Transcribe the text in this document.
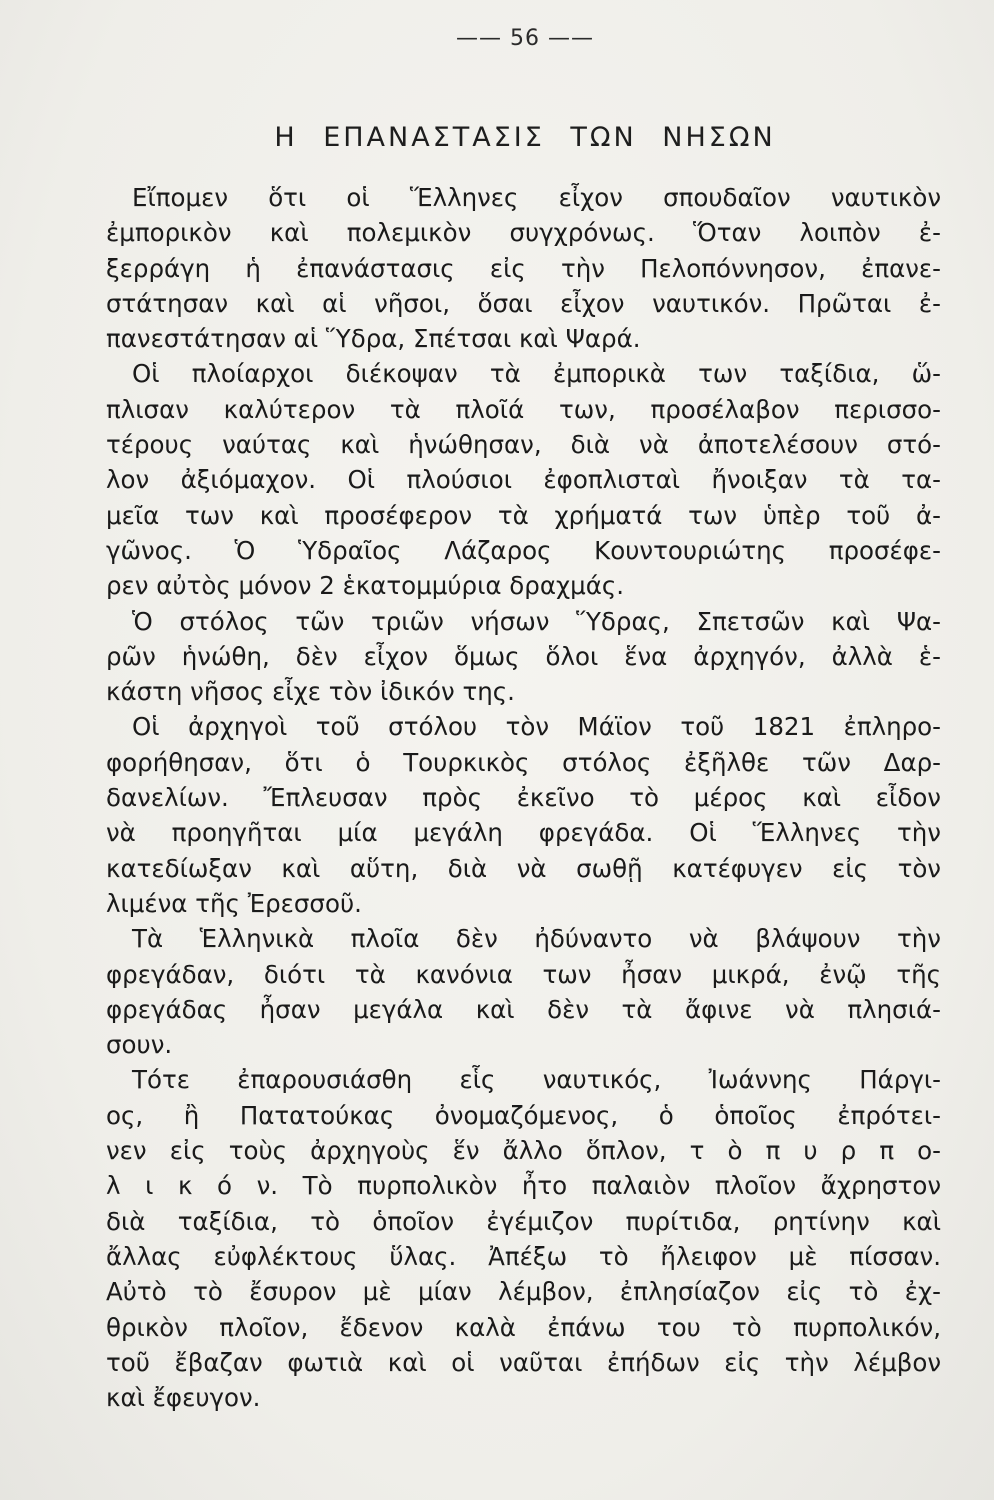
—— 56 ——
Η ΕΠΑΝΑΣΤΑΣΙΣ ΤΩΝ ΝΗΣΩΝ
Εἴπομεν ὅτι οἱ Ἕλληνες εἶχον σπουδαῖον ναυτικὸν
ἐμπορικὸν καὶ πολεμικὸν συγχρόνως. Ὅταν λοιπὸν ἐ-
ξερράγη ἡ ἐπανάστασις εἰς τὴν Πελοπόννησον, ἐπανε-
στάτησαν καὶ αἱ νῆσοι, ὅσαι εἶχον ναυτικόν. Πρῶται ἐ-
πανεστάτησαν αἱ Ὕδρα, Σπέτσαι καὶ Ψαρά.
Οἱ πλοίαρχοι διέκοψαν τὰ ἐμπορικὰ των ταξίδια, ὥ-
πλισαν καλύτερον τὰ πλοῖά των, προσέλαβον περισσο-
τέρους ναύτας καὶ ἡνώθησαν, διὰ νὰ ἀποτελέσουν στό-
λον ἀξιόμαχον. Οἱ πλούσιοι ἐφοπλισταὶ ἤνοιξαν τὰ τα-
μεῖα των καὶ προσέφερον τὰ χρήματά των ὑπὲρ τοῦ ἀ-
γῶνος. Ὁ Ὑδραῖος Λάζαρος Κουντουριώτης προσέφε-
ρεν αὐτὸς μόνον 2 ἑκατομμύρια δραχμάς.
Ὁ στόλος τῶν τριῶν νήσων Ὕδρας, Σπετσῶν καὶ Ψα-
ρῶν ἡνώθη, δὲν εἶχον ὅμως ὅλοι ἕνα ἀρχηγόν, ἀλλὰ ἑ-
κάστη νῆσος εἶχε τὸν ἰδικόν της.
Οἱ ἀρχηγοὶ τοῦ στόλου τὸν Μάϊον τοῦ 1821 ἐπληρο-
φορήθησαν, ὅτι ὁ Τουρκικὸς στόλος ἐξῆλθε τῶν Δαρ-
δανελίων. Ἔπλευσαν πρὸς ἐκεῖνο τὸ μέρος καὶ εἶδον
νὰ προηγῆται μία μεγάλη φρεγάδα. Οἱ Ἕλληνες τὴν
κατεδίωξαν καὶ αὕτη, διὰ νὰ σωθῇ κατέφυγεν εἰς τὸν
λιμένα τῆς Ἐρεσσοῦ.
Τὰ Ἑλληνικὰ πλοῖα δὲν ἠδύναντο νὰ βλάψουν τὴν
φρεγάδαν, διότι τὰ κανόνια των ἦσαν μικρά, ἐνῷ τῆς
φρεγάδας ἦσαν μεγάλα καὶ δὲν τὰ ἄφινε νὰ πλησιά-
σουν.
Τότε ἐπαρουσιάσθη εἷς ναυτικός, Ἰωάννης Πάργι-
ος, ἢ Πατατούκας ὀνομαζόμενος, ὁ ὁποῖος ἐπρότει-
νεν εἰς τοὺς ἀρχηγοὺς ἕν ἄλλο ὅπλον, τ ὸ π υ ρ π ο-
λ ι κ ό ν. Τὸ πυρπολικὸν ἦτο παλαιὸν πλοῖον ἄχρηστον
διὰ ταξίδια, τὸ ὁποῖον ἐγέμιζον πυρίτιδα, ρητίνην καὶ
ἄλλας εὐφλέκτους ὕλας. Ἀπέξω τὸ ἤλειφον μὲ πίσσαν.
Αὐτὸ τὸ ἔσυρον μὲ μίαν λέμβον, ἐπλησίαζον εἰς τὸ ἐχ-
θρικὸν πλοῖον, ἔδενον καλὰ ἐπάνω του τὸ πυρπολικόν,
τοῦ ἔβαζαν φωτιὰ καὶ οἱ ναῦται ἐπήδων εἰς τὴν λέμβον
καὶ ἔφευγον.
